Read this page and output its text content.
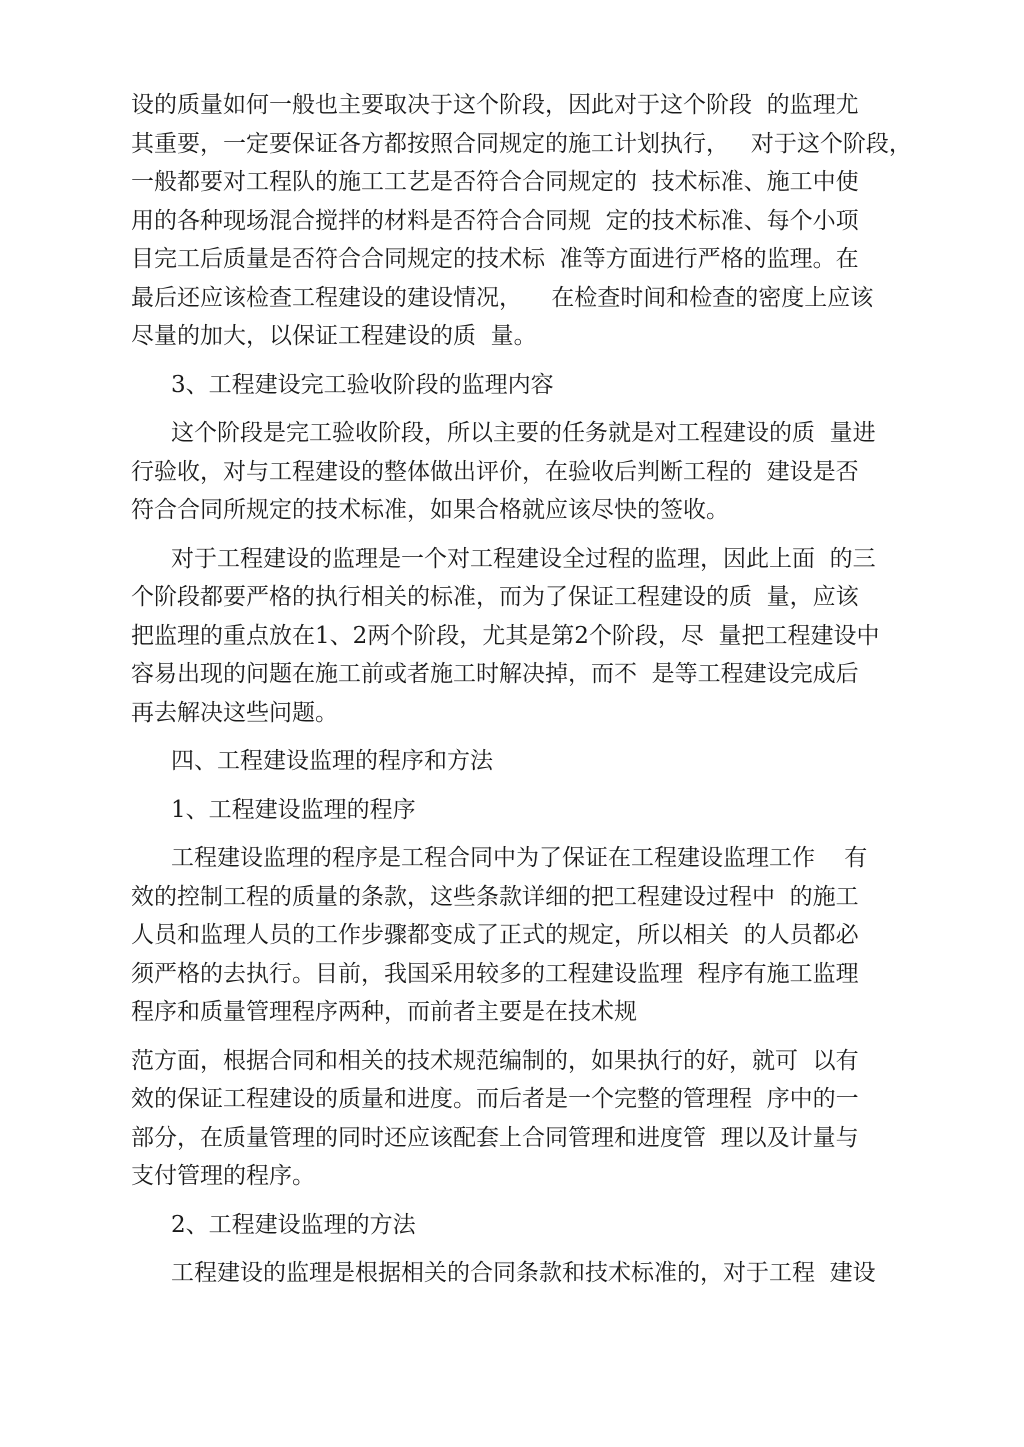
设的质量如何一般也主要取决于这个阶段，因此对于这个阶段  的监理尤
其重要，一定要保证各方都按照合同规定的施工计划执行，   对于这个阶段，
一般都要对工程队的施工工艺是否符合合同规定的  技术标准、施工中使
用的各种现场混合搅拌的材料是否符合合同规  定的技术标准、每个小项
目完工后质量是否符合合同规定的技术标  准等方面进行严格的监理。在
最后还应该检查工程建设的建设情况，    在检查时间和检查的密度上应该
尽量的加大，以保证工程建设的质  量。
3、工程建设完工验收阶段的监理内容
这个阶段是完工验收阶段，所以主要的任务就是对工程建设的质  量进
行验收，对与工程建设的整体做出评价，在验收后判断工程的  建设是否
符合合同所规定的技术标准，如果合格就应该尽快的签收。
对于工程建设的监理是一个对工程建设全过程的监理，因此上面  的三
个阶段都要严格的执行相关的标准，而为了保证工程建设的质  量，应该
把监理的重点放在1、2两个阶段，尤其是第2个阶段，尽  量把工程建设中
容易出现的问题在施工前或者施工时解决掉，而不  是等工程建设完成后
再去解决这些问题。
四、工程建设监理的程序和方法
1、工程建设监理的程序
工程建设监理的程序是工程合同中为了保证在工程建设监理工作    有
效的控制工程的质量的条款，这些条款详细的把工程建设过程中  的施工
人员和监理人员的工作步骤都变成了正式的规定，所以相关  的人员都必
须严格的去执行。目前，我国采用较多的工程建设监理  程序有施工监理
程序和质量管理程序两种，而前者主要是在技术规
范方面，根据合同和相关的技术规范编制的，如果执行的好，就可  以有
效的保证工程建设的质量和进度。而后者是一个完整的管理程  序中的一
部分，在质量管理的同时还应该配套上合同管理和进度管  理以及计量与
支付管理的程序。
2、工程建设监理的方法
工程建设的监理是根据相关的合同条款和技术标准的，对于工程  建设
